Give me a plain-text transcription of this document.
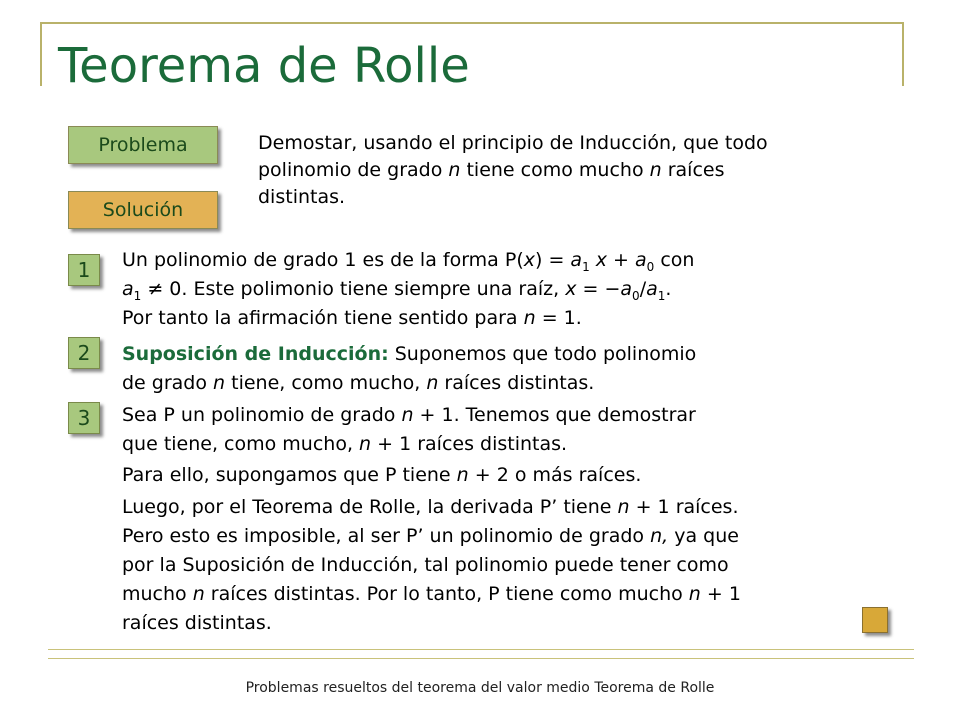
Teorema de Rolle
Problema
Solución
Demostar, usando el principio de Inducción, que todo
polinomio de grado n tiene como mucho n raíces
distintas.
1
2
3
Un polinomio de grado 1 es de la forma $P(x) = a_1$ $x + a_0$ con
$a_1 \ne 0$. Este polimonio tiene siempre una raíz, $x = -a_0/a_1$.
Por tanto la afirmación tiene sentido para n = 1.
Suposición de Inducción: Suponemos que todo polinomio
de grado n tiene, como mucho, n raíces distintas.
Sea P un polinomio de grado n + 1. Tenemos que demostrar
que tiene, como mucho, n + 1 raíces distintas.
Para ello, supongamos que P tiene n + 2 o más raíces.
Luego, por el Teorema de Rolle, la derivada P’ tiene n + 1 raíces.
Pero esto es imposible, al ser P’ un polinomio de grado n, ya que
por la Suposición de Inducción, tal polinomio puede tener como
mucho n raíces distintas. Por lo tanto, P tiene como mucho n + 1
raíces distintas.
Problemas resueltos del teorema del valor medio Teorema de Rolle
